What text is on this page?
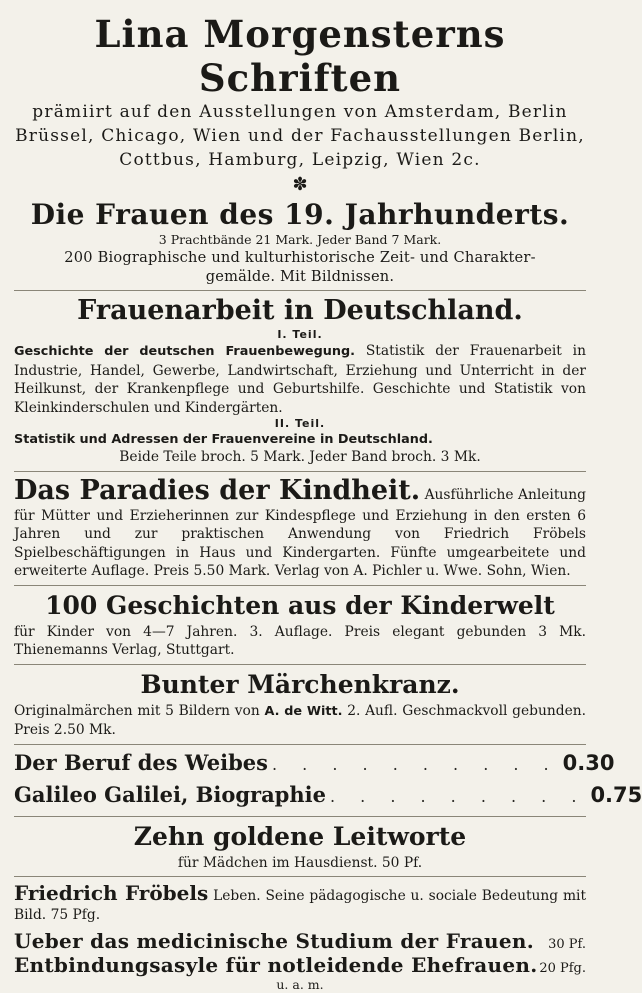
Lina Morgensterns Schriften
prämiirt auf den Ausstellungen von Amsterdam, Berlin
Brüssel, Chicago, Wien und der Fachausstellungen Berlin,
Cottbus, Hamburg, Leipzig, Wien 2c.
✽
Die Frauen des 19. Jahrhunderts.
3 Prachtbände 21 Mark. Jeder Band 7 Mark.
200 Biographische und kulturhistorische Zeit- und Charakter-
gemälde. Mit Bildnissen.
Frauenarbeit in Deutschland.
I. Teil.
Geschichte der deutschen Frauenbewegung. Statistik der Frauenarbeit in Industrie, Handel, Gewerbe, Landwirtschaft, Erziehung und Unterricht in der Heilkunst, der Krankenpflege und Geburtshilfe. Geschichte und Statistik von Kleinkinderschulen und Kindergärten.
II. Teil.
Statistik und Adressen der Frauenvereine in Deutschland.
Beide Teile broch. 5 Mark. Jeder Band broch. 3 Mk.
Das Paradies der Kindheit. Ausführliche Anleitung für Mütter und Erzieherinnen zur Kindespflege und Erziehung in den ersten 6 Jahren und zur praktischen Anwendung von Friedrich Fröbels Spielbeschäftigungen in Haus und Kindergarten. Fünfte umgearbeitete und erweiterte Auflage. Preis 5.50 Mark. Verlag von A. Pichler u. Wwe. Sohn, Wien.
100 Geschichten aus der Kinderwelt
für Kinder von 4—7 Jahren. 3. Auflage. Preis elegant gebunden 3 Mk. Thienemanns Verlag, Stuttgart.
Bunter Märchenkranz.
Originalmärchen mit 5 Bildern von A. de Witt. 2. Aufl. Geschmackvoll gebunden. Preis 2.50 Mk.
Der Beruf des Weibes . . . . . . . . . . 0.30
Galileo Galilei, Biographie . . . . . . . . . 0.75
Zehn goldene Leitworte
für Mädchen im Hausdienst. 50 Pf.
Friedrich Fröbels Leben. Seine pädagogische u. sociale Bedeutung mit Bild. 75 Pfg.
Ueber das medicinische Studium der Frauen. 30 Pf.
Entbindungsasyle für notleidende Ehefrauen. 20 Pfg.
u. a. m.
